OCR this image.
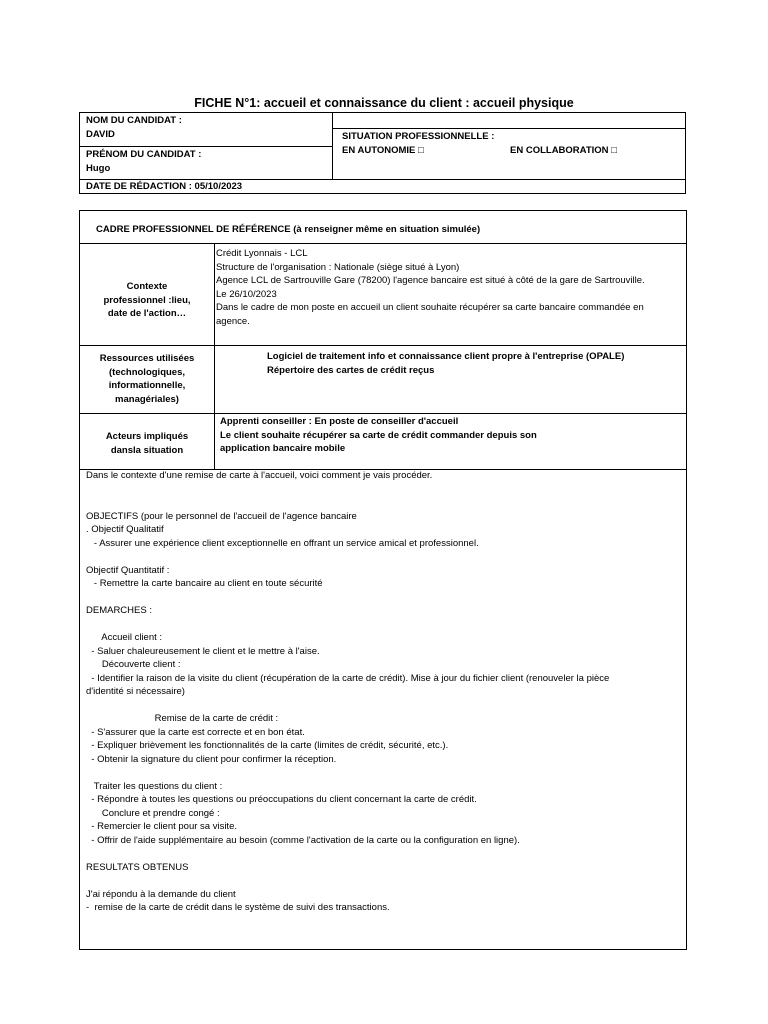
FICHE N°1: accueil et connaissance du client : accueil physique
NOM DU CANDIDAT :
DAVID
PRÉNOM DU CANDIDAT :
Hugo
DATE DE RÉDACTION : 05/10/2023
SITUATION PROFESSIONNELLE :
EN AUTONOMIE □	EN COLLABORATION □
CADRE PROFESSIONNEL DE RÉFÉRENCE (à renseigner même en situation simulée)
Contexte
professionnel :lieu,
date de l'action…
Crédit Lyonnais - LCL
Structure de l'organisation : Nationale (siège situé à Lyon)
Agence LCL de Sartrouville Gare (78200) l'agence bancaire est situé à côté de la gare de Sartrouville.
Le 26/10/2023
Dans le cadre de mon poste en accueil un client souhaite récupérer sa carte bancaire commandée en
agence.
Ressources utilisées
(technologiques,
informationnelle,
managériales)
Logiciel de traitement info et connaissance client propre à l'entreprise (OPALE)
Répertoire des cartes de crédit reçus
Acteurs impliqués
dansla situation
Apprenti conseiller : En poste de conseiller d'accueil
Le client souhaite récupérer sa carte de crédit commander depuis son
application bancaire mobile
Dans le contexte d'une remise de carte à l'accueil, voici comment je vais procéder.
OBJECTIFS (pour le personnel de l'accueil de l'agence bancaire
. Objectif Qualitatif
- Assurer une expérience client exceptionnelle en offrant un service amical et professionnel.
Objectif Quantitatif :
- Remettre la carte bancaire au client en toute sécurité
DEMARCHES :
Accueil client :
- Saluer chaleureusement le client et le mettre à l'aise.
Découverte client :
- Identifier la raison de la visite du client (récupération de la carte de crédit). Mise à jour du fichier client (renouveler la pièce
d'identité si nécessaire)
Remise de la carte de crédit :
- S'assurer que la carte est correcte et en bon état.
- Expliquer brièvement les fonctionnalités de la carte (limites de crédit, sécurité, etc.).
- Obtenir la signature du client pour confirmer la réception.
Traiter les questions du client :
- Répondre à toutes les questions ou préoccupations du client concernant la carte de crédit.
Conclure et prendre congé :
- Remercier le client pour sa visite.
- Offrir de l'aide supplémentaire au besoin (comme l'activation de la carte ou la configuration en ligne).
RESULTATS OBTENUS
J'ai répondu à la demande du client
-  remise de la carte de crédit dans le système de suivi des transactions.
